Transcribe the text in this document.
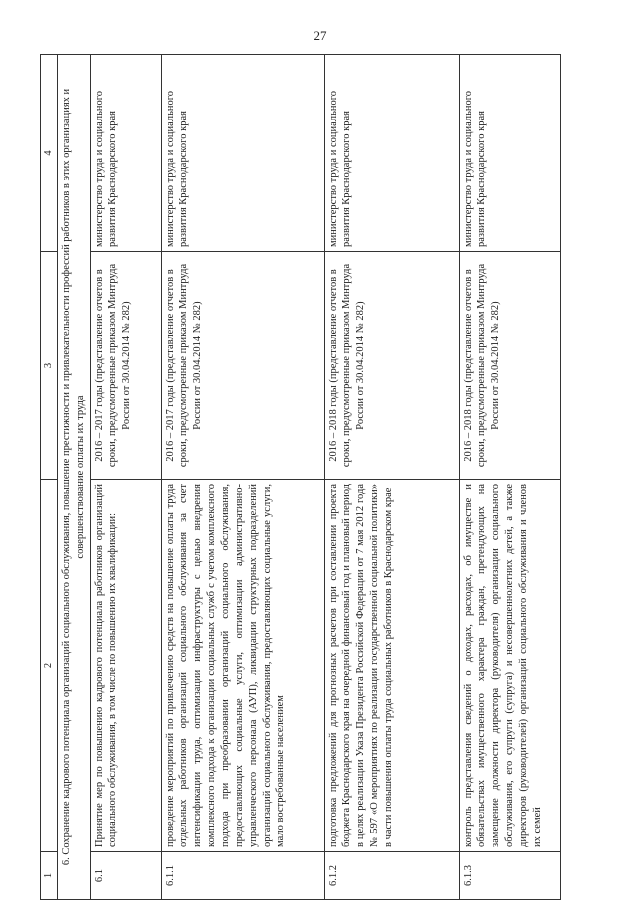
27
1	2	3	4
6. Сохранение кадрового потенциала организаций социального обслуживания, повышение престижности и привлекательности профессий работников в этих организациях и совершенствование оплаты их труда			
6.1	Принятие мер по повышению кадрового потенциала работников организаций социального обслуживания, в том числе по повышению их квалификации:	2016 – 2017 годы (представление отчетов в сроки, предусмотренные приказом Минтруда России от 30.04.2014 № 282)	министерство труда и социального развития Краснодарского края
6.1.1	проведение мероприятий по привлечению средств на повышение оплаты труда отдельных работников организаций социального обслуживания за счет интенсификации труда, оптимизации инфраструктуры с целью внедрения комплексного подхода к организации социальных служб с учетом комплексного подхода при преобразовании организаций социального обслуживания, предоставляющих социальные услуги, оптимизации административно-управленческого персонала (АУП), ликвидации структурных подразделений организаций социального обслуживания, предоставляющих социальные услуги, мало востребованные населением	2016 – 2017 годы (представление отчетов в сроки, предусмотренные приказом Минтруда России от 30.04.2014 № 282)	министерство труда и социального развития Краснодарского края
6.1.2	подготовка предложений для прогнозных расчетов при составлении проекта бюджета Краснодарского края на очередной финансовый год и плановый период в целях реализации Указа Президента Российской Федерации от 7 мая 2012 года № 597 «О мероприятиях по реализации государственной социальной политики» в части повышения оплаты труда социальных работников в Краснодарском крае	2016 – 2018 годы (представление отчетов в сроки, предусмотренные приказом Минтруда России от 30.04.2014 № 282)	министерство труда и социального развития Краснодарского края
6.1.3	контроль представления сведений о доходах, расходах, об имуществе и обязательствах имущественного характера граждан, претендующих на замещение должности директора (руководителя) организации социального обслуживания, его супруги (супруга) и несовершеннолетних детей, а также директоров (руководителей) организаций социального обслуживания и членов их семей	2016 – 2018 годы (представление отчетов в сроки, предусмотренные приказом Минтруда России от 30.04.2014 № 282)	министерство труда и социального развития Краснодарского края
